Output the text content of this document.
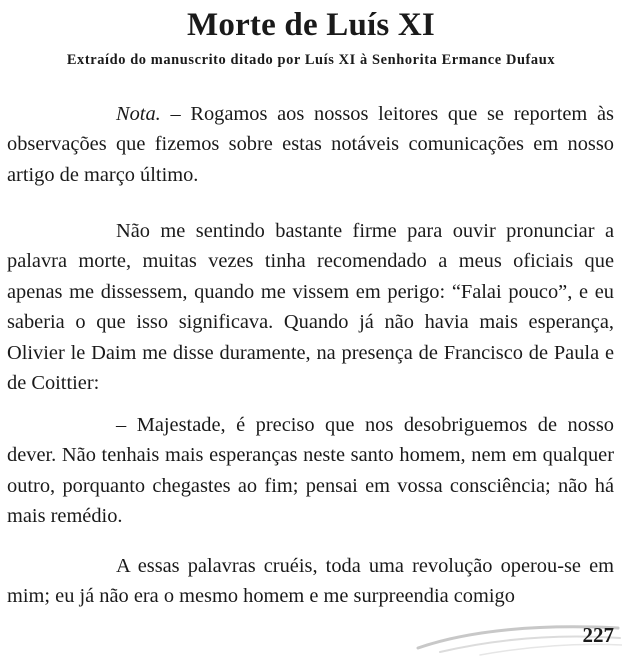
Morte de Luís XI

Extraído do manuscrito ditado por Luís XI à Senhorita Ermance Dufaux

Nota. – Rogamos aos nossos leitores que se reportem às observações que fizemos sobre estas notáveis comunicações em nosso artigo de março último.

Não me sentindo bastante firme para ouvir pronunciar a palavra morte, muitas vezes tinha recomendado a meus oficiais que apenas me dissessem, quando me vissem em perigo: “Falai pouco”, e eu saberia o que isso significava. Quando já não havia mais esperança, Olivier le Daim me disse duramente, na presença de Francisco de Paula e de Coittier:

– Majestade, é preciso que nos desobriguemos de nosso dever. Não tenhais mais esperanças neste santo homem, nem em qualquer outro, porquanto chegastes ao fim; pensai em vossa consciência; não há mais remédio.

A essas palavras cruéis, toda uma revolução operou-se em mim; eu já não era o mesmo homem e me surpreendia comigo

227
